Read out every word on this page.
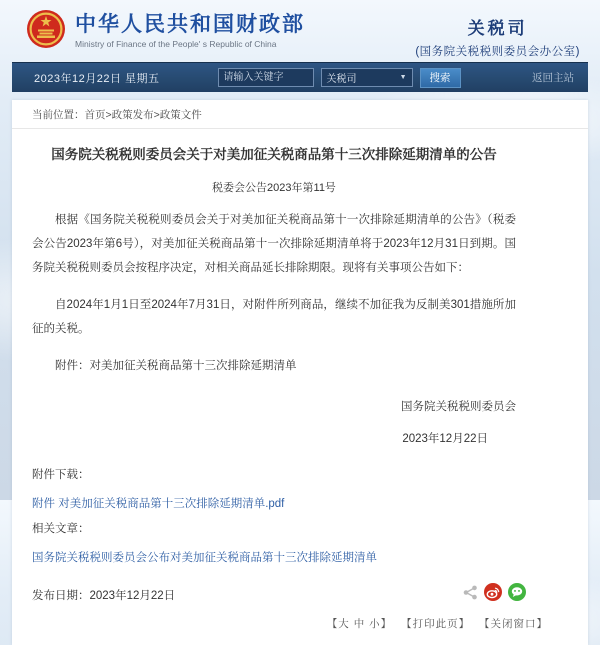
中华人民共和国财政部
Ministry of Finance of the People' s Republic of China
关税司
(国务院关税税则委员会办公室)
2023年12月22日 星期五
请输入关键字	关税司	▼	搜索	返回主站
当前位置：首页>政策发布>政策文件
国务院关税税则委员会关于对美加征关税商品第十三次排除延期清单的公告
税委会公告2023年第11号

根据《国务院关税税则委员会关于对美加征关税商品第十一次排除延期清单的公告》（税委会公告2023年第6号），对美加征关税商品第十一次排除延期清单将于2023年12月31日到期。国务院关税税则委员会按程序决定，对相关商品延长排除期限。现将有关事项公告如下：

自2024年1月1日至2024年7月31日，对附件所列商品，继续不加征我为反制美301措施所加征的关税。

附件：对美加征关税商品第十三次排除延期清单

国务院关税税则委员会
2023年12月22日
附件下载：
附件 对美加征关税商品第十三次排除延期清单.pdf
相关文章：
国务院关税税则委员会公布对美加征关税商品第十三次排除延期清单
发布日期：2023年12月22日
【大 中 小】 【打印此页】 【关闭窗口】
